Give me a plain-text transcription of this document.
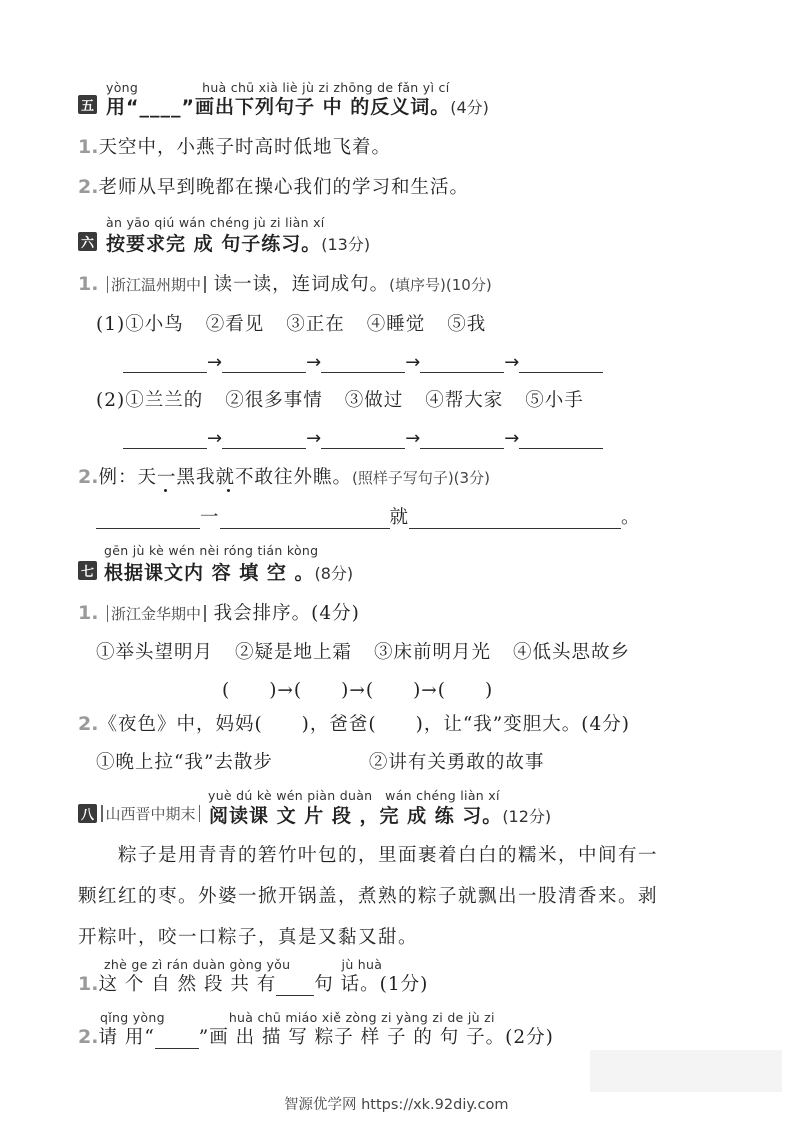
yòng　　　　　huà chū xià liè jù zi zhōng de fǎn yì cí
五 用“____”画出下列句子 中 的反义词。(4分)
1.天空中，小燕子时高时低地飞着。
2.老师从早到晚都在操心我们的学习和生活。
àn yāo qiú wán chéng jù zi liàn xí
六 按要求完 成 句子练习。(13分)
1. 浙江温州期中 读一读，连词成句。(填序号)(10分)
(1)①小鸟 ②看见 ③正在 ④睡觉 ⑤我
→	→	→	→
(2)①兰兰的 ②很多事情 ③做过 ④帮大家 ⑤小手
→	→	→	→
2.例：天一黑我就不敢往外瞧。(照样子写句子)(3分)
一	就	。
gēn jù kè wén nèi róng tián kòng
七 根据课文内 容 填 空 。(8分)
1. 浙江金华期中 我会排序。(4分)
①举头望明月 ②疑是地上霜 ③床前明月光 ④低头思故乡
(　　)→(　　)→(　　)→(　　)
2.《夜色》中，妈妈(　　)，爸爸(　　)，让“我”变胆大。(4分)
①晚上拉“我”去散步	②讲有关勇敢的故事
yuè dú kè wén piàn duàn　wán chéng liàn xí
八 山西晋中期末 阅读课 文 片 段 ，完 成 练 习。(12分)
　　粽子是用青青的箬竹叶包的，里面裹着白白的糯米，中间有一
颗红红的枣。外婆一掀开锅盖，煮熟的粽子就飘出一股清香来。剥
开粽叶，咬一口粽子，真是又黏又甜。
zhè ge zì rán duàn gòng yǒu　　　　jù huà
1.这 个 自 然 段 共 有 句 话。(1分)
qǐng yòng　　　　　huà chū miáo xiě zòng zi yàng zi de jù zi
2.请 用“ ”画 出 描 写 粽子 样 子 的 句 子。(2分)
智源优学网 https://xk.92diy.com
